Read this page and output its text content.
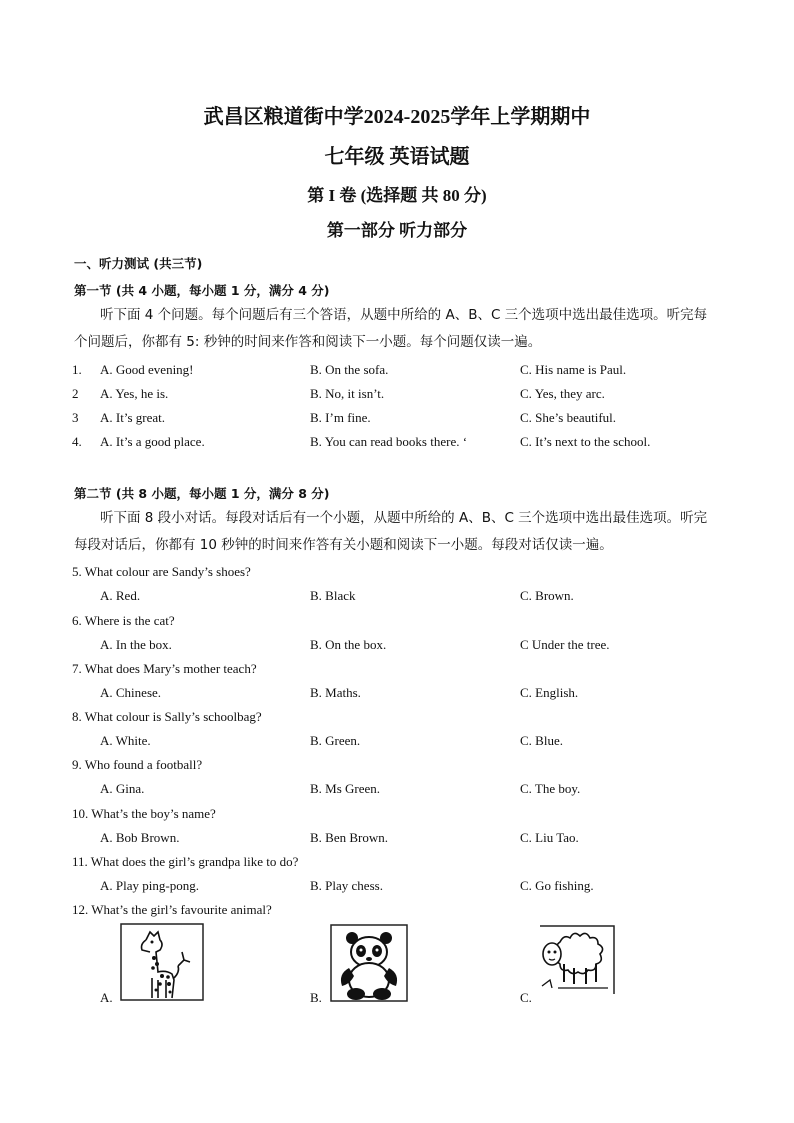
武昌区粮道街中学2024-2025学年上学期期中
七年级 英语试题
第 I 卷 (选择题 共 80 分)
第一部分 听力部分
一、听力测试 (共三节)
第一节 (共 4 小题，每小题 1 分，满分 4 分)
听下面 4 个问题。每个问题后有三个答语，从题中所给的 A、B、C 三个选项中选出最佳选项。听完每
个问题后，你都有 5: 秒钟的时间来作答和阅读下一小题。每个问题仅读一遍。
1. A. Good evening!	B. On the sofa.	C. His name is Paul.
2 A. Yes, he is.	B. No, it isn’t.	C. Yes, they arc.
3 A. It’s great.	B. I’m fine.	C. She’s beautiful.
4. A. It’s a good place.	B. You can read books there. ‘	C. It’s next to the school.
第二节 (共 8 小题，每小题 1 分，满分 8 分)
听下面 8 段小对话。每段对话后有一个小题，从题中所给的 A、B、C 三个选项中选出最佳选项。听完
每段对话后，你都有 10 秒钟的时间来作答有关小题和阅读下一小题。每段对话仅读一遍。
5. What colour are Sandy’s shoes?
A. Red.	B. Black	C. Brown.
6. Where is the cat?
A. In the box.	B. On the box.	C Under the tree.
7. What does Mary’s mother teach?
A. Chinese.	B. Maths.	C. English.
8. What colour is Sally’s schoolbag?
A. White.	B. Green.	C. Blue.
9. Who found a football?
A. Gina.	B. Ms Green.	C. The boy.
10. What’s the boy’s name?
A. Bob Brown.	B. Ben Brown.	C. Liu Tao.
11. What does the girl’s grandpa like to do?
A. Play ping-pong.	B. Play chess.	C. Go fishing.
12. What’s the girl’s favourite animal?
A.	B.	C.
